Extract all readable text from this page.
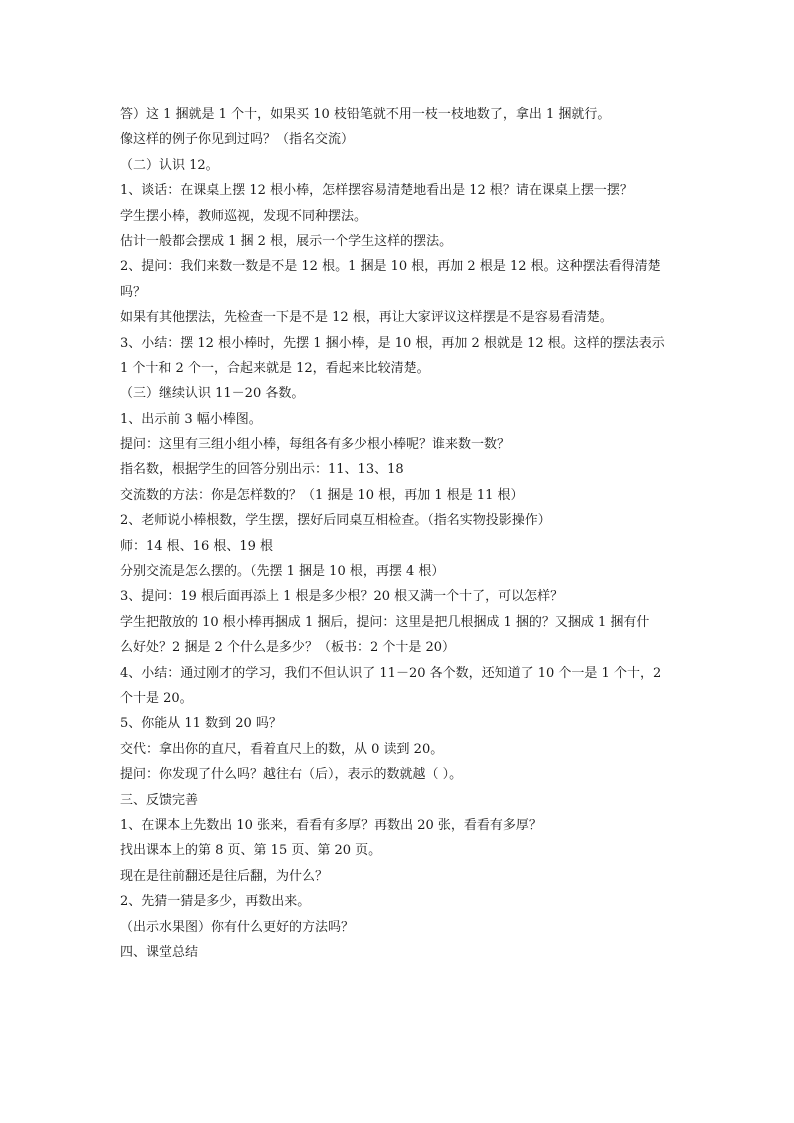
答）这 1 捆就是 1 个十，如果买 10 枝铅笔就不用一枝一枝地数了，拿出 1 捆就行。
像这样的例子你见到过吗？（指名交流）
（二）认识 12。
1、谈话：在课桌上摆 12 根小棒，怎样摆容易清楚地看出是 12 根？请在课桌上摆一摆？
学生摆小棒，教师巡视，发现不同种摆法。
估计一般都会摆成 1 捆 2 根，展示一个学生这样的摆法。
2、提问：我们来数一数是不是 12 根。1 捆是 10 根，再加 2 根是 12 根。这种摆法看得清楚
吗？
如果有其他摆法，先检查一下是不是 12 根，再让大家评议这样摆是不是容易看清楚。
3、小结：摆 12 根小棒时，先摆 1 捆小棒，是 10 根，再加 2 根就是 12 根。这样的摆法表示
1 个十和 2 个一，合起来就是 12，看起来比较清楚。
（三）继续认识 11－20 各数。
1、出示前 3 幅小棒图。
提问：这里有三组小组小棒，每组各有多少根小棒呢？谁来数一数？
指名数，根据学生的回答分别出示：11、13、18
交流数的方法：你是怎样数的？（1 捆是 10 根，再加 1 根是 11 根）
2、老师说小棒根数，学生摆，摆好后同桌互相检查。（指名实物投影操作）
师：14 根、16 根、19 根
分别交流是怎么摆的。（先摆 1 捆是 10 根，再摆 4 根）
3、提问：19 根后面再添上 1 根是多少根？20 根又满一个十了，可以怎样？
学生把散放的 10 根小棒再捆成 1 捆后，提问：这里是把几根捆成 1 捆的？又捆成 1 捆有什
么好处？2 捆是 2 个什么是多少？（板书：2 个十是 20）
4、小结：通过刚才的学习，我们不但认识了 11－20 各个数，还知道了 10 个一是 1 个十，2
个十是 20。
5、你能从 11 数到 20 吗？
交代：拿出你的直尺，看着直尺上的数，从 0 读到 20。
提问：你发现了什么吗？越往右（后），表示的数就越（ ）。
三、反馈完善
1、在课本上先数出 10 张来，看看有多厚？再数出 20 张，看看有多厚？
找出课本上的第 8 页、第 15 页、第 20 页。
现在是往前翻还是往后翻，为什么？
2、先猜一猜是多少，再数出来。
（出示水果图）你有什么更好的方法吗？
四、课堂总结
